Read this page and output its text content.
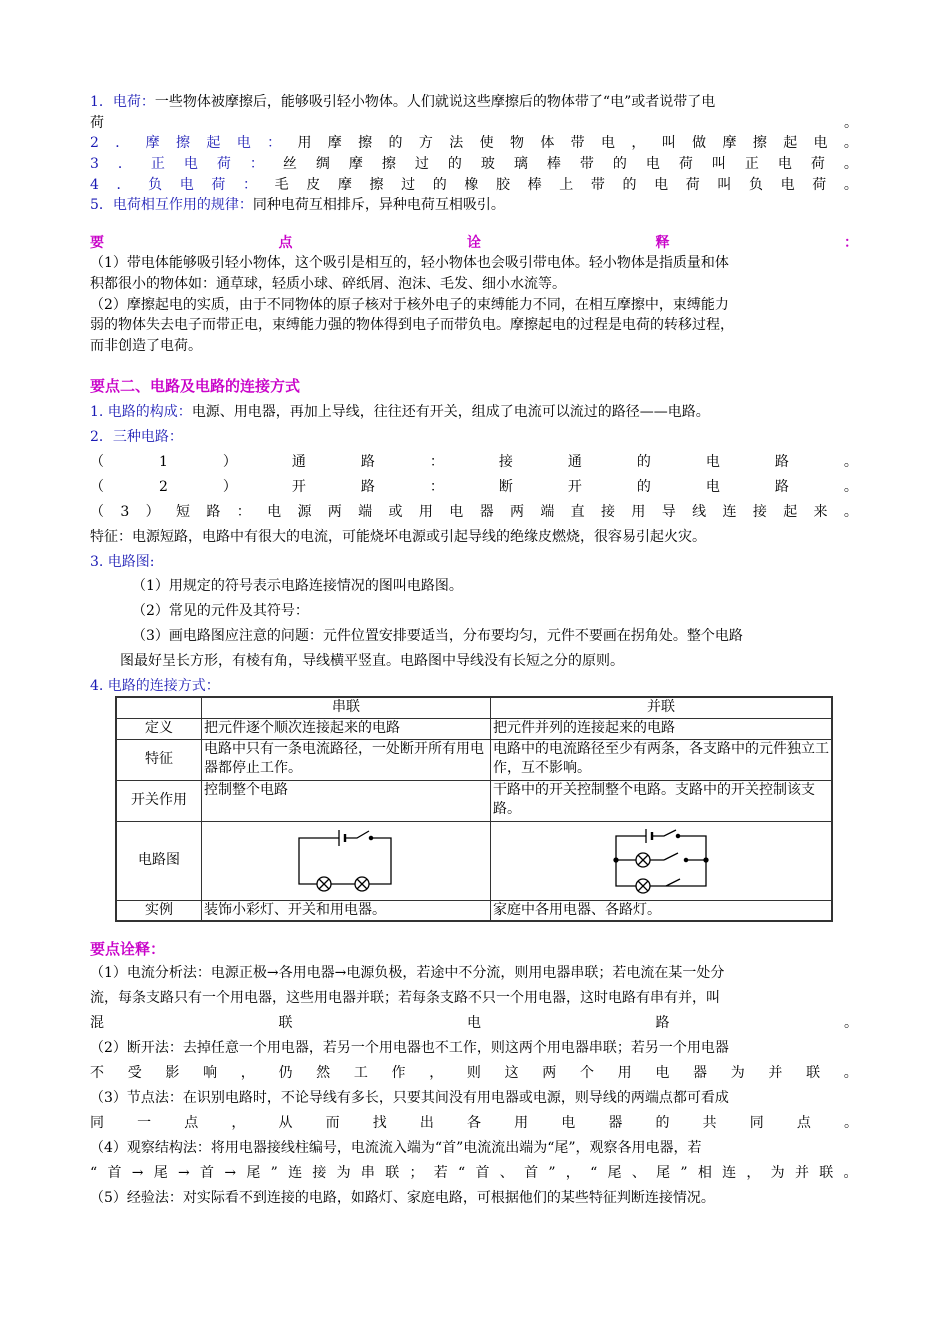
1．电荷：一些物体被摩擦后，能够吸引轻小物体。人们就说这些摩擦后的物体带了“电”或者说带了电
荷	。
2 ． 摩 擦 起 电 ： 用 摩 擦 的 方 法 使 物 体 带 电 ， 叫 做 摩 擦 起 电 。
3 ． 正 电 荷 ： 丝 绸 摩 擦 过 的 玻 璃 棒 带 的 电 荷 叫 正 电 荷 。
4 ． 负 电 荷 ： 毛 皮 摩 擦 过 的 橡 胶 棒 上 带 的 电 荷 叫 负 电 荷 。
5．电荷相互作用的规律：同种电荷互相排斥，异种电荷互相吸引。
要	点	诠	释	：
（1）带电体能够吸引轻小物体，这个吸引是相互的，轻小物体也会吸引带电体。轻小物体是指质量和体
积都很小的物体如：通草球，轻质小球、碎纸屑、泡沫、毛发、细小水流等。
（2）摩擦起电的实质，由于不同物体的原子核对于核外电子的束缚能力不同，在相互摩擦中，束缚能力
弱的物体失去电子而带正电，束缚能力强的物体得到电子而带负电。摩擦起电的过程是电荷的转移过程，
而非创造了电荷。
要点二、电路及电路的连接方式
1. 电路的构成：电源、用电器，再加上导线，往往还有开关，组成了电流可以流过的路径——电路。
2．三种电路：
（	1	）	通	路	：	接	通	的	电	路	。
（	2	）	开	路	：	断	开	的	电	路	。
（ 3 ） 短 路 ： 电 源 两 端 或 用 电 器 两 端 直 接 用 导 线 连 接 起 来 。
特征：电源短路，电路中有很大的电流，可能烧坏电源或引起导线的绝缘皮燃烧，很容易引起火灾。
3. 电路图:
（1）用规定的符号表示电路连接情况的图叫电路图。
（2）常见的元件及其符号：
（3）画电路图应注意的问题：元件位置安排要适当，分布要均匀，元件不要画在拐角处。整个电路
图最好呈长方形，有棱有角，导线横平竖直。电路图中导线没有长短之分的原则。
4. 电路的连接方式：
	串联	并联
定义	把元件逐个顺次连接起来的电路	把元件并列的连接起来的电路
特征	电路中只有一条电流路径，一处断开所有用电器都停止工作。	电路中的电流路径至少有两条，各支路中的元件独立工作，互不影响。
开关作用	控制整个电路	干路中的开关控制整个电路。支路中的开关控制该支路。
电路图	

实例	装饰小彩灯、开关和用电器。	家庭中各用电器、各路灯。
要点诠释：
（1）电流分析法：电源正极→各用电器→电源负极，若途中不分流，则用电器串联；若电流在某一处分
流，每条支路只有一个用电器，这些用电器并联；若每条支路不只一个用电器，这时电路有串有并，叫
混	联	电	路	。
（2）断开法：去掉任意一个用电器，若另一个用电器也不工作，则这两个用电器串联；若另一个用电器
不 受 影 响 ， 仍 然 工 作 ， 则 这 两 个 用 电 器 为 并 联 。
（3）节点法：在识别电路时，不论导线有多长，只要其间没有用电器或电源，则导线的两端点都可看成
同 一 点 ， 从 而 找 出 各 用 电 器 的 共 同 点 。
（4）观察结构法：将用电器接线柱编号，电流流入端为“首”电流流出端为“尾”，观察各用电器，若
“ 首 → 尾 → 首 → 尾 ” 连 接 为 串 联 ； 若 “ 首 、 首 ” ， “ 尾 、 尾 ” 相 连 ， 为 并 联 。
（5）经验法：对实际看不到连接的电路，如路灯、家庭电路，可根据他们的某些特征判断连接情况。
